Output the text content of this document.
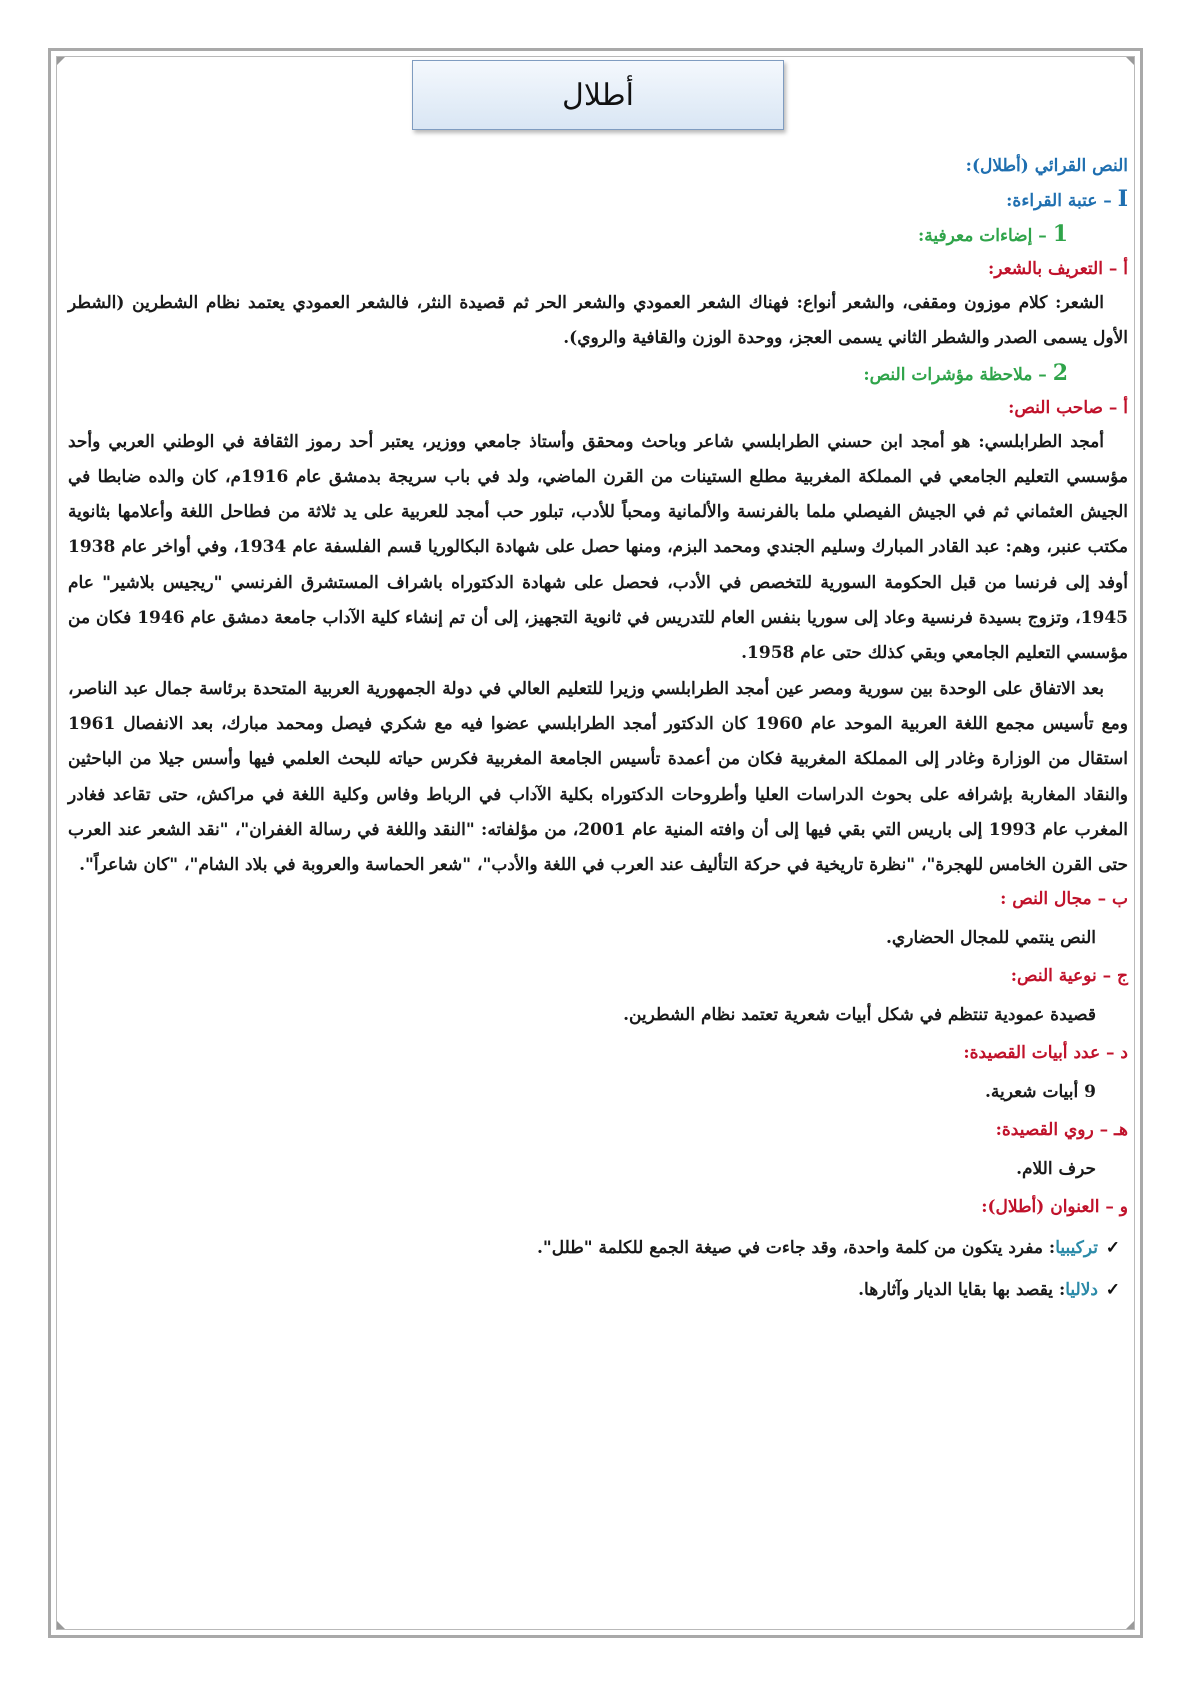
أطلال

النص القرائي (أطلال):

I – عتبة القراءة:

1 – إضاءات معرفية:

أ – التعريف بالشعر:

الشعر: كلام موزون ومقفى، والشعر أنواع: فهناك الشعر العمودي والشعر الحر ثم قصيدة النثر، فالشعر العمودي يعتمد نظام الشطرين (الشطر الأول يسمى الصدر والشطر الثاني يسمى العجز، ووحدة الوزن والقافية والروي).

2 – ملاحظة مؤشرات النص:

أ – صاحب النص:

أمجد الطرابلسي: هو أمجد ابن حسني الطرابلسي شاعر وباحث ومحقق وأستاذ جامعي ووزير، يعتبر أحد رموز الثقافة في الوطني العربي وأحد مؤسسي التعليم الجامعي في المملكة المغربية مطلع الستينات من القرن الماضي، ولد في باب سريجة بدمشق عام 1916م، كان والده ضابطا في الجيش العثماني ثم في الجيش الفيصلي ملما بالفرنسة والألمانية ومحباً للأدب، تبلور حب أمجد للعربية على يد ثلاثة من فطاحل اللغة وأعلامها بثانوية مكتب عنبر، وهم: عبد القادر المبارك وسليم الجندي ومحمد البزم، ومنها حصل على شهادة البكالوريا قسم الفلسفة عام 1934، وفي أواخر عام 1938 أوفد إلى فرنسا من قبل الحكومة السورية للتخصص في الأدب، فحصل على شهادة الدكتوراه باشراف المستشرق الفرنسي "ريجيس بلاشير" عام 1945، وتزوج بسيدة فرنسية وعاد إلى سوريا بنفس العام للتدريس في ثانوية التجهيز، إلى أن تم إنشاء كلية الآداب جامعة دمشق عام 1946 فكان من مؤسسي التعليم الجامعي وبقي كذلك حتى عام 1958.

بعد الاتفاق على الوحدة بين سورية ومصر عين أمجد الطرابلسي وزيرا للتعليم العالي في دولة الجمهورية العربية المتحدة برئاسة جمال عبد الناصر، ومع تأسيس مجمع اللغة العربية الموحد عام 1960 كان الدكتور أمجد الطرابلسي عضوا فيه مع شكري فيصل ومحمد مبارك، بعد الانفصال 1961 استقال من الوزارة وغادر إلى المملكة المغربية فكان من أعمدة تأسيس الجامعة المغربية فكرس حياته للبحث العلمي فيها وأسس جيلا من الباحثين والنقاد المغاربة بإشرافه على بحوث الدراسات العليا وأطروحات الدكتوراه بكلية الآداب في الرباط وفاس وكلية اللغة في مراكش، حتى تقاعد فغادر المغرب عام 1993 إلى باريس التي بقي فيها إلى أن وافته المنية عام 2001، من مؤلفاته: "النقد واللغة في رسالة الغفران"، "نقد الشعر عند العرب حتى القرن الخامس للهجرة"، "نظرة تاريخية في حركة التأليف عند العرب في اللغة والأدب"، "شعر الحماسة والعروبة في بلاد الشام"، "كان شاعراً".

ب – مجال النص :

النص ينتمي للمجال الحضاري.

ج – نوعية النص:

قصيدة عمودية تنتظم في شكل أبيات شعرية تعتمد نظام الشطرين.

د – عدد أبيات القصيدة:

9 أبيات شعرية.

هـ – روي القصيدة:

حرف اللام.

و – العنوان (أطلال):

✓تركيبيا: مفرد يتكون من كلمة واحدة، وقد جاءت في صيغة الجمع للكلمة "طلل".

✓دلاليا: يقصد بها بقايا الديار وآثارها.
